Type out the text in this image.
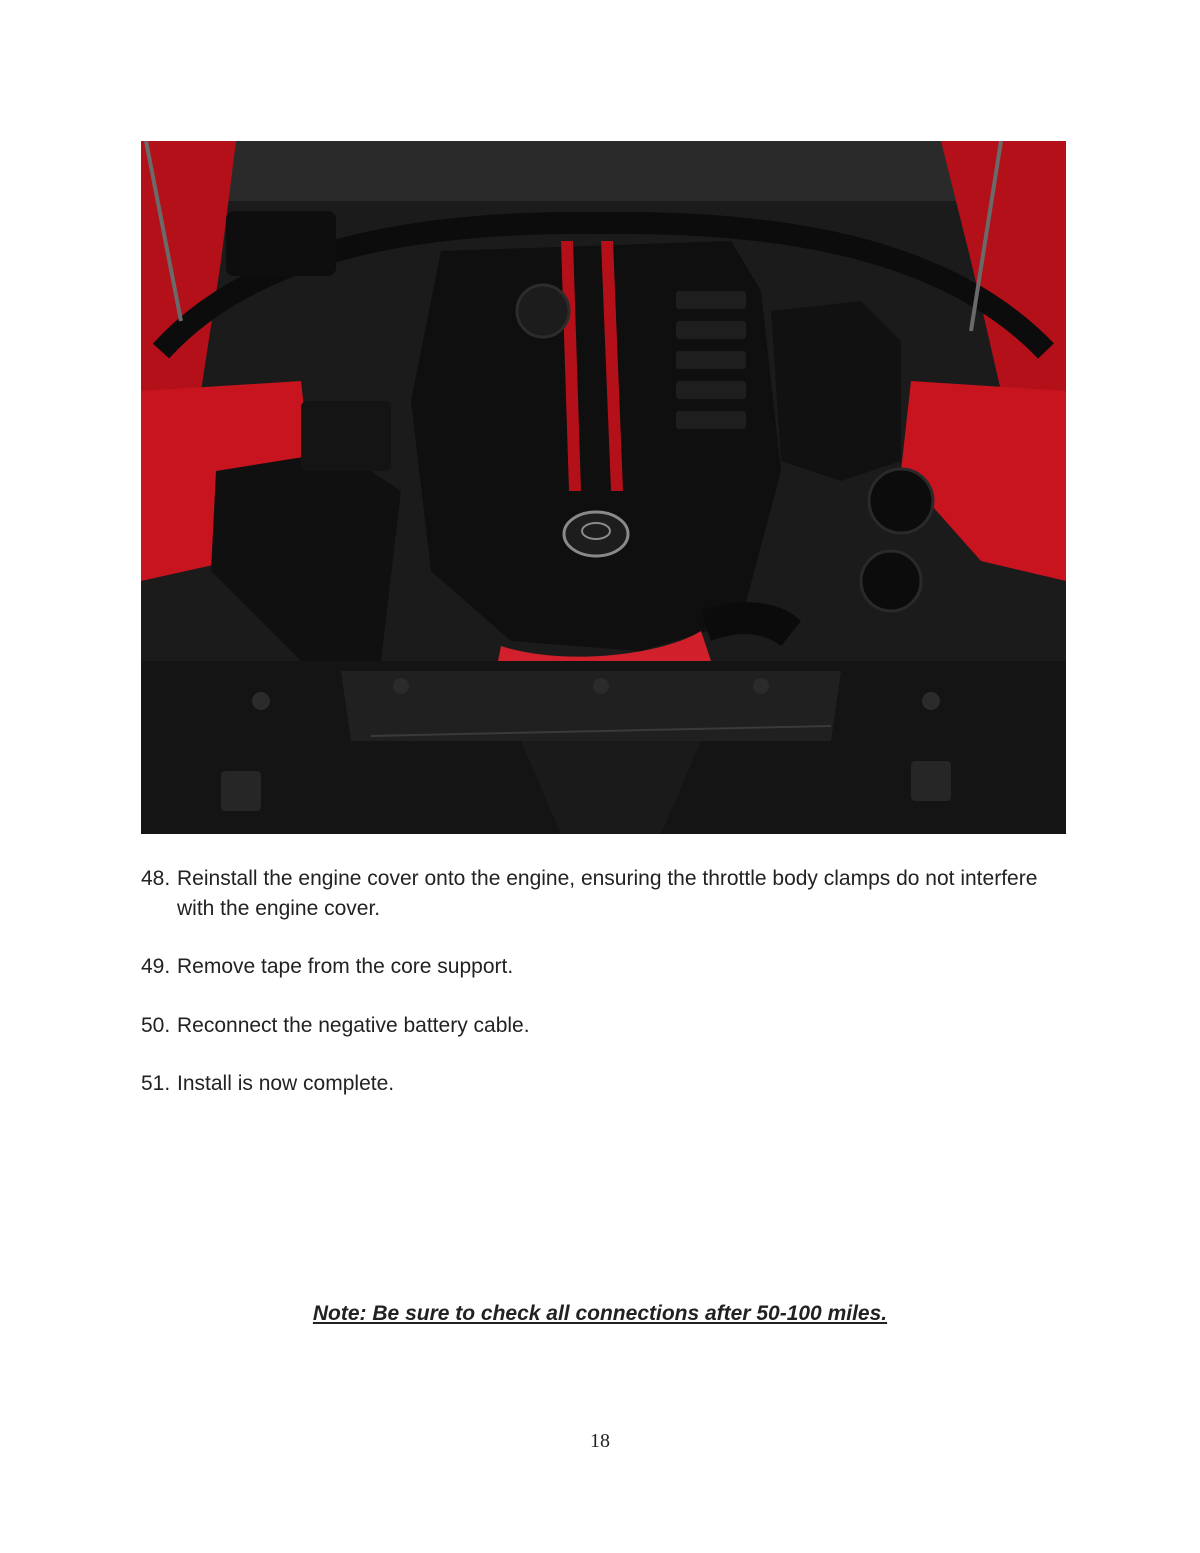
48. Reinstall the engine cover onto the engine, ensuring the throttle body clamps do not interfere with the engine cover.
49. Remove tape from the core support.
50. Reconnect the negative battery cable.
51. Install is now complete.
Note: Be sure to check all connections after 50-100 miles.
18
